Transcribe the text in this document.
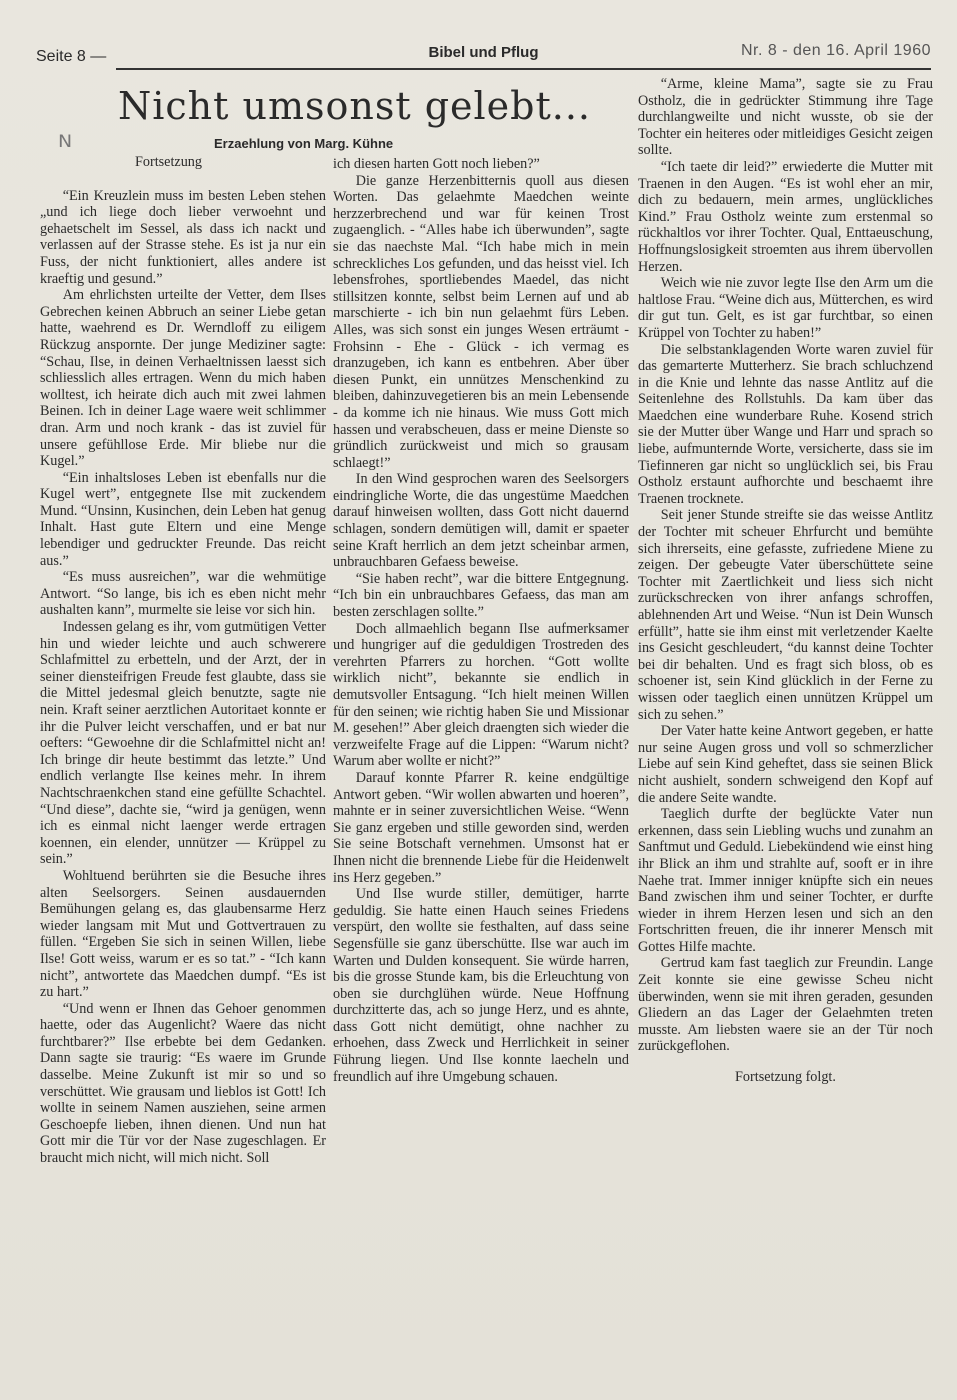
Seite 8 —	Bibel und Pflug	Nr. 8 - den 16. April 1960
Nicht umsonst gelebt...
Erzaehlung von Marg. Kühne
ᴺ	Fortsetzung

“Ein Kreuzlein muss im besten Leben stehen „und ich liege doch lieber verwoehnt und gehaetschelt im Sessel, als dass ich nackt und verlassen auf der Strasse stehe. Es ist ja nur ein Fuss, der nicht funktioniert, alles andere ist kraeftig und gesund.”

Am ehrlichsten urteilte der Vetter, dem Ilses Gebrechen keinen Abbruch an seiner Liebe getan hatte, waehrend es Dr. Werndloff zu eiligem Rückzug anspornte. Der junge Mediziner sagte: “Schau, Ilse, in deinen Verhaeltnissen laesst sich schliesslich alles ertragen. Wenn du mich haben wolltest, ich heirate dich auch mit zwei lahmen Beinen. Ich in deiner Lage waere weit schlimmer dran. Arm und noch krank - das ist zuviel für unsere gefühllose Erde. Mir bliebe nur die Kugel.”

“Ein inhaltsloses Leben ist ebenfalls nur die Kugel wert”, entgegnete Ilse mit zuckendem Mund. “Unsinn, Kusinchen, dein Leben hat genug Inhalt. Hast gute Eltern und eine Menge lebendiger und gedruckter Freunde. Das reicht aus.”

“Es muss ausreichen”, war die wehmütige Antwort. “So lange, bis ich es eben nicht mehr aushalten kann”, murmelte sie leise vor sich hin.

Indessen gelang es ihr, vom gutmütigen Vetter hin und wieder leichte und auch schwerere Schlafmittel zu erbetteln, und der Arzt, der in seiner diensteifrigen Freude fest glaubte, dass sie die Mittel jedesmal gleich benutzte, sagte nie nein. Kraft seiner aerztlichen Autoritaet konnte er ihr die Pulver leicht verschaffen, und er bat nur oefters: “Gewoehne dir die Schlafmittel nicht an! Ich bringe dir heute bestimmt das letzte.” Und endlich verlangte Ilse keines mehr. In ihrem Nachtschraenkchen stand eine gefüllte Schachtel. “Und diese”, dachte sie, “wird ja genügen, wenn ich es einmal nicht laenger werde ertragen koennen, ein elender, unnützer — Krüppel zu sein.”

Wohltuend berührten sie die Besuche ihres alten Seelsorgers. Seinen ausdauernden Bemühungen gelang es, das glaubensarme Herz wieder langsam mit Mut und Gottvertrauen zu füllen. “Ergeben Sie sich in seinen Willen, liebe Ilse! Gott weiss, warum er es so tat.” - “Ich kann nicht”, antwortete das Maedchen dumpf. “Es ist zu hart.”

“Und wenn er Ihnen das Gehoer genommen haette, oder das Augenlicht? Waere das nicht furchtbarer?” Ilse erbebte bei dem Gedanken. Dann sagte sie traurig: “Es waere im Grunde dasselbe. Meine Zukunft ist mir so und so verschüttet. Wie grausam und lieblos ist Gott! Ich wollte in seinem Namen ausziehen, seine armen Geschoepfe lieben, ihnen dienen. Und nun hat Gott mir die Tür vor der Nase zugeschlagen. Er braucht mich nicht, will mich nicht. Soll

ich diesen harten Gott noch lieben?”

Die ganze Herzenbitternis quoll aus diesen Worten. Das gelaehmte Maedchen weinte herzzerbrechend und war für keinen Trost zugaenglich. - “Alles habe ich überwunden”, sagte sie das naechste Mal. “Ich habe mich in mein schreckliches Los gefunden, und das heisst viel. Ich lebensfrohes, sportliebendes Maedel, das nicht stillsitzen konnte, selbst beim Lernen auf und ab marschierte - ich bin nun gelaehmt fürs Leben. Alles, was sich sonst ein junges Wesen erträumt - Frohsinn - Ehe - Glück - ich vermag es dranzugeben, ich kann es entbehren. Aber über diesen Punkt, ein unnützes Menschenkind zu bleiben, dahinzuvegetieren bis an mein Lebensende - da komme ich nie hinaus. Wie muss Gott mich hassen und verabscheuen, dass er meine Dienste so gründlich zurückweist und mich so grausam schlaegt!”

In den Wind gesprochen waren des Seelsorgers eindringliche Worte, die das ungestüme Maedchen darauf hinweisen wollten, dass Gott nicht dauernd schlagen, sondern demütigen will, damit er spaeter seine Kraft herrlich an dem jetzt scheinbar armen, unbrauchbaren Gefaess beweise.

“Sie haben recht”, war die bittere Entgegnung. “Ich bin ein unbrauchbares Gefaess, das man am besten zerschlagen sollte.”

Doch allmaehlich begann Ilse aufmerksamer und hungriger auf die geduldigen Trostreden des verehrten Pfarrers zu horchen. “Gott wollte wirklich nicht”, bekannte sie endlich in demutsvoller Entsagung. “Ich hielt meinen Willen für den seinen; wie richtig haben Sie und Missionar M. gesehen!” Aber gleich draengten sich wieder die verzweifelte Frage auf die Lippen: “Warum nicht? Warum aber wollte er nicht?”

Darauf konnte Pfarrer R. keine endgültige Antwort geben. “Wir wollen abwarten und hoeren”, mahnte er in seiner zuversichtlichen Weise. “Wenn Sie ganz ergeben und stille geworden sind, werden Sie seine Botschaft vernehmen. Umsonst hat er Ihnen nicht die brennende Liebe für die Heidenwelt ins Herz gegeben.”

Und Ilse wurde stiller, demütiger, harrte geduldig. Sie hatte einen Hauch seines Friedens verspürt, den wollte sie festhalten, auf dass seine Segensfülle sie ganz überschütte. Ilse war auch im Warten und Dulden konsequent. Sie würde harren, bis die grosse Stunde kam, bis die Erleuchtung von oben sie durchglühen würde. Neue Hoffnung durchzitterte das, ach so junge Herz, und es ahnte, dass Gott nicht demütigt, ohne nachher zu erhoehen, dass Zweck und Herrlichkeit in seiner Führung liegen. Und Ilse konnte laecheln und freundlich auf ihre Umgebung schauen.

“Arme, kleine Mama”, sagte sie zu Frau Ostholz, die in gedrückter Stimmung ihre Tage durchlangweilte und nicht wusste, ob sie der Tochter ein heiteres oder mitleidiges Gesicht zeigen sollte.

“Ich taete dir leid?” erwiederte die Mutter mit Traenen in den Augen. “Es ist wohl eher an mir, dich zu bedauern, mein armes, unglückliches Kind.” Frau Ostholz weinte zum erstenmal so rückhaltlos vor ihrer Tochter. Qual, Enttaeuschung, Hoffnungslosigkeit stroemten aus ihrem übervollen Herzen.

Weich wie nie zuvor legte Ilse den Arm um die haltlose Frau. “Weine dich aus, Mütterchen, es wird dir gut tun. Gelt, es ist gar furchtbar, so einen Krüppel von Tochter zu haben!”

Die selbstanklagenden Worte waren zuviel für das gemarterte Mutterherz. Sie brach schluchzend in die Knie und lehnte das nasse Antlitz auf die Seitenlehne des Rollstuhls. Da kam über das Maedchen eine wunderbare Ruhe. Kosend strich sie der Mutter über Wange und Harr und sprach so liebe, aufmunternde Worte, versicherte, dass sie im Tiefinneren gar nicht so unglücklich sei, bis Frau Ostholz erstaunt aufhorchte und beschaemt ihre Traenen trocknete.

Seit jener Stunde streifte sie das weisse Antlitz der Tochter mit scheuer Ehrfurcht und bemühte sich ihrerseits, eine gefasste, zufriedene Miene zu zeigen. Der gebeugte Vater überschüttete seine Tochter mit Zaertlichkeit und liess sich nicht zurückschrecken von ihrer anfangs schroffen, ablehnenden Art und Weise. “Nun ist Dein Wunsch erfüllt”, hatte sie ihm einst mit verletzender Kaelte ins Gesicht geschleudert, “du kannst deine Tochter bei dir behalten. Und es fragt sich bloss, ob es schoener ist, sein Kind glücklich in der Ferne zu wissen oder taeglich einen unnützen Krüppel um sich zu sehen.”

Der Vater hatte keine Antwort gegeben, er hatte nur seine Augen gross und voll so schmerzlicher Liebe auf sein Kind geheftet, dass sie seinen Blick nicht aushielt, sondern schweigend den Kopf auf die andere Seite wandte.

Taeglich durfte der beglückte Vater nun erkennen, dass sein Liebling wuchs und zunahm an Sanftmut und Geduld. Liebekündend wie einst hing ihr Blick an ihm und strahlte auf, sooft er in ihre Naehe trat. Immer inniger knüpfte sich ein neues Band zwischen ihm und seiner Tochter, er durfte wieder in ihrem Herzen lesen und sich an den Fortschritten freuen, die ihr innerer Mensch mit Gottes Hilfe machte.

Gertrud kam fast taeglich zur Freundin. Lange Zeit konnte sie eine gewisse Scheu nicht überwinden, wenn sie mit ihren geraden, gesunden Gliedern an das Lager der Gelaehmten treten musste. Am liebsten waere sie an der Tür noch zurückgeflohen.

Fortsetzung folgt.
